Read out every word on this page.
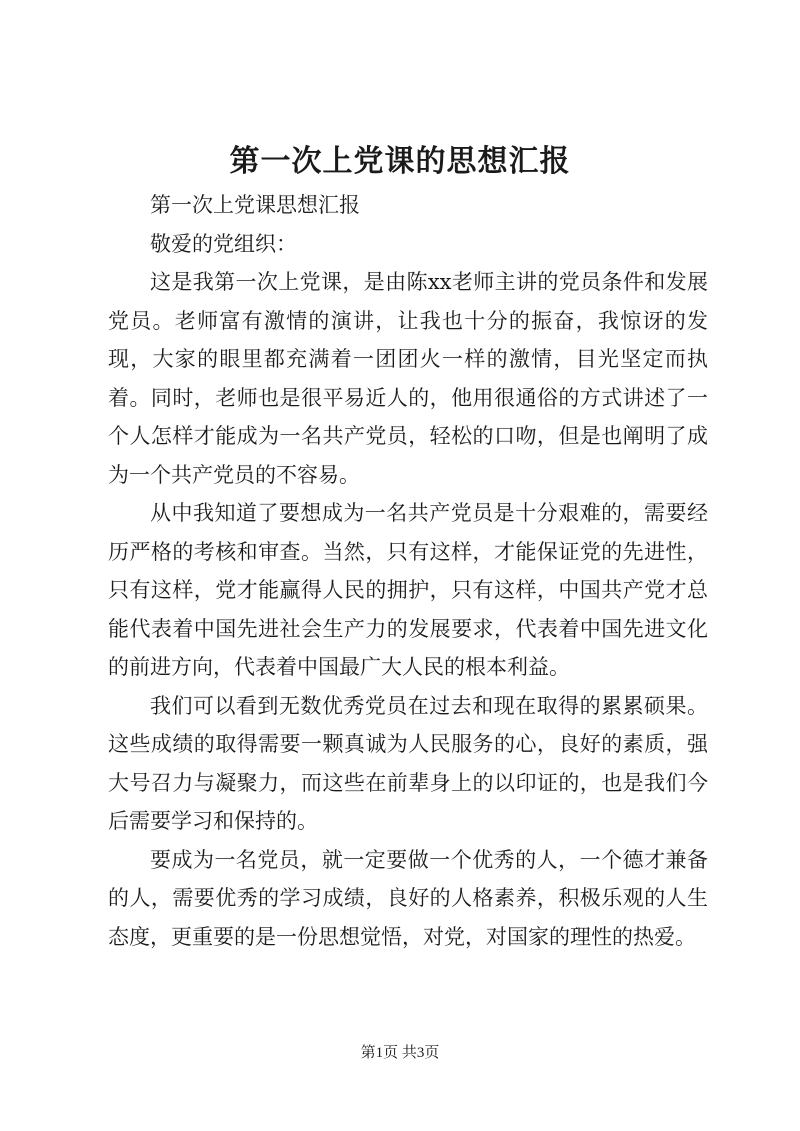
第一次上党课的思想汇报

第一次上党课思想汇报

敬爱的党组织：

这是我第一次上党课，是由陈xx老师主讲的党员条件和发展党员。老师富有激情的演讲，让我也十分的振奋，我惊讶的发现，大家的眼里都充满着一团团火一样的激情，目光坚定而执着。同时，老师也是很平易近人的，他用很通俗的方式讲述了一个人怎样才能成为一名共产党员，轻松的口吻，但是也阐明了成为一个共产党员的不容易。

从中我知道了要想成为一名共产党员是十分艰难的，需要经历严格的考核和审查。当然，只有这样，才能保证党的先进性，只有这样，党才能赢得人民的拥护，只有这样，中国共产党才总能代表着中国先进社会生产力的发展要求，代表着中国先进文化的前进方向，代表着中国最广大人民的根本利益。

我们可以看到无数优秀党员在过去和现在取得的累累硕果。这些成绩的取得需要一颗真诚为人民服务的心，良好的素质，强大号召力与凝聚力，而这些在前辈身上的以印证的，也是我们今后需要学习和保持的。

要成为一名党员，就一定要做一个优秀的人，一个德才兼备的人，需要优秀的学习成绩，良好的人格素养，积极乐观的人生态度，更重要的是一份思想觉悟，对党，对国家的理性的热爱。

第1页 共3页
